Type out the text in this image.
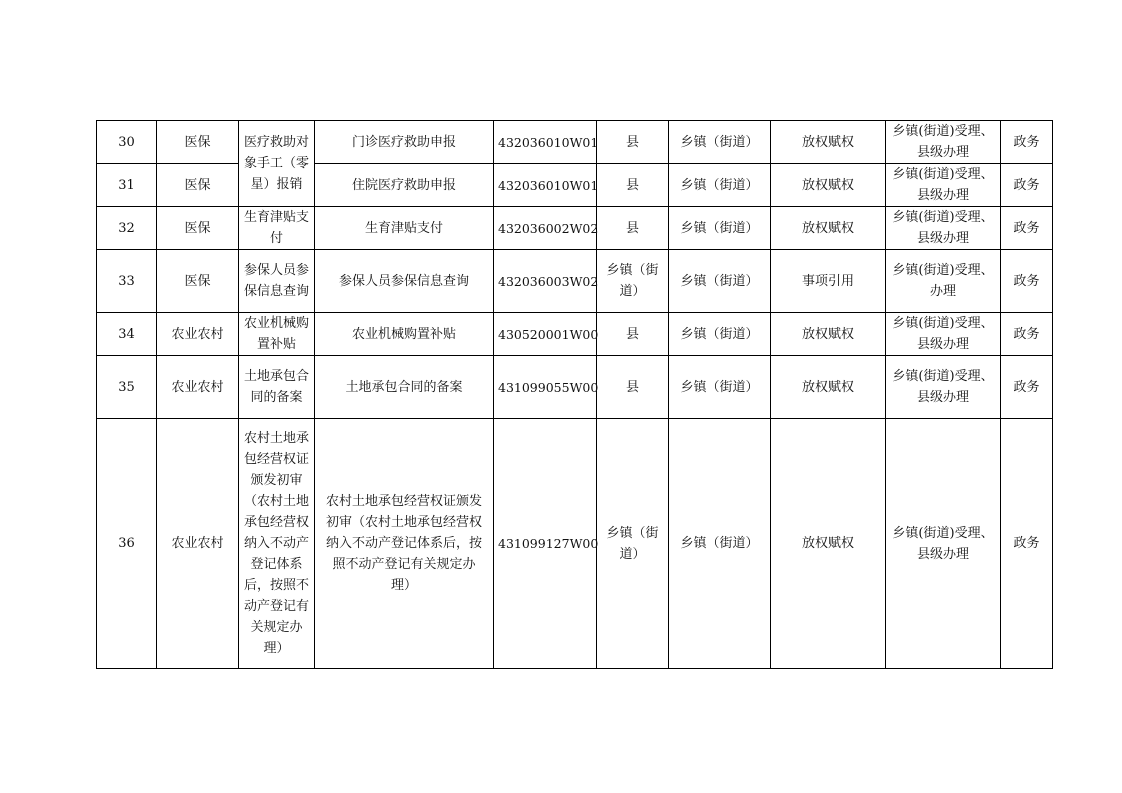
30	医保	医疗救助对象手工（零星）报销	门诊医疗救助申报	432036010W01	县	乡镇（街道）	放权赋权	乡镇(街道)受理、县级办理	政务
31	医保		住院医疗救助申报	432036010W01	县	乡镇（街道）	放权赋权	乡镇(街道)受理、县级办理	政务
32	医保	生育津贴支付	生育津贴支付	432036002W02	县	乡镇（街道）	放权赋权	乡镇(街道)受理、县级办理	政务
33	医保	参保人员参保信息查询	参保人员参保信息查询	432036003W02	乡镇（街道）	乡镇（街道）	事项引用	乡镇(街道)受理、办理	政务
34	农业农村	农业机械购置补贴	农业机械购置补贴	430520001W00	县	乡镇（街道）	放权赋权	乡镇(街道)受理、县级办理	政务
35	农业农村	土地承包合同的备案	土地承包合同的备案	431099055W00	县	乡镇（街道）	放权赋权	乡镇(街道)受理、县级办理	政务
36	农业农村	农村土地承包经营权证颁发初审（农村土地承包经营权纳入不动产登记体系后，按照不动产登记有关规定办理）	农村土地承包经营权证颁发初审（农村土地承包经营权纳入不动产登记体系后，按照不动产登记有关规定办理）	431099127W00	乡镇（街道）	乡镇（街道）	放权赋权	乡镇(街道)受理、县级办理	政务
